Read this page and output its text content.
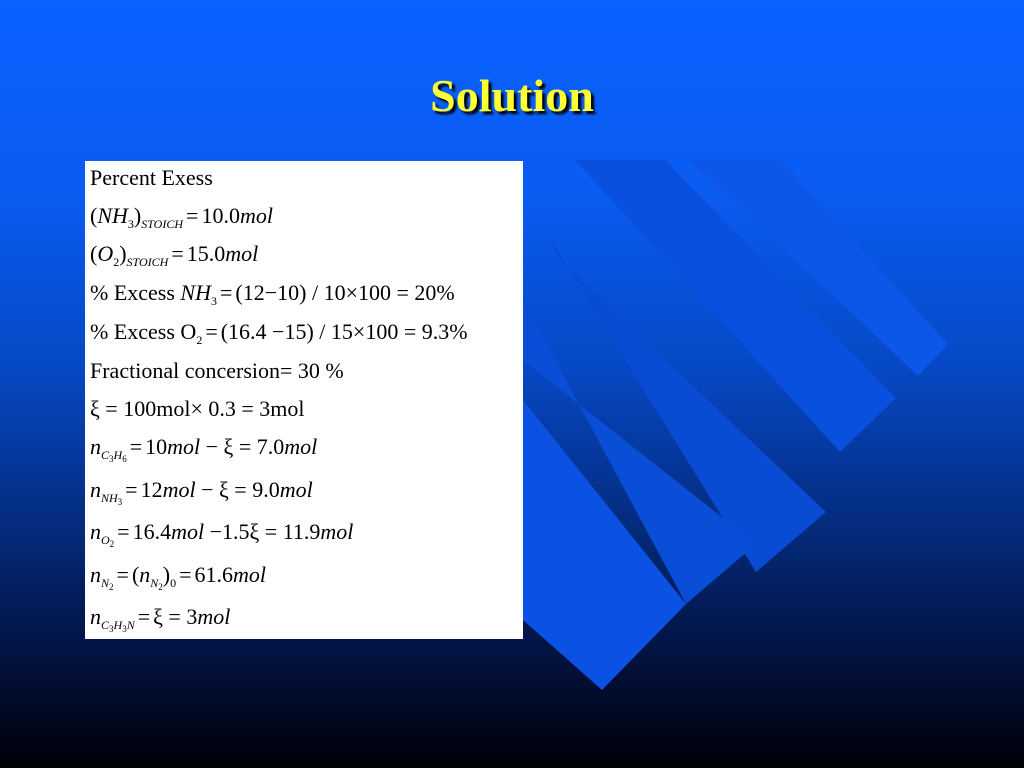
Solution
Percent Exess
$(NH_3)_{STOICH} = 10.0mol$
$(O_2)_{STOICH} = 15.0mol$
% Excess $NH_3 = (12-10) / 10\times 100 = 20\%$
% Excess $O_2 = (16.4 -15) / 15\times 100 = 9.3\%$
Fractional concersion= 30 %
ξ = 100mol× 0.3 = 3mol
$n_{C_3H_6} = 10mol - \xi = 7.0mol$
$n_{NH_3} = 12mol - \xi = 9.0mol$
$n_{O_2} = 16.4mol -1.5\xi = 11.9mol$
$n_{N_2} = (n_{N_2})_0 = 61.6mol$
$n_{C_3H_3N} = \xi = 3mol$
